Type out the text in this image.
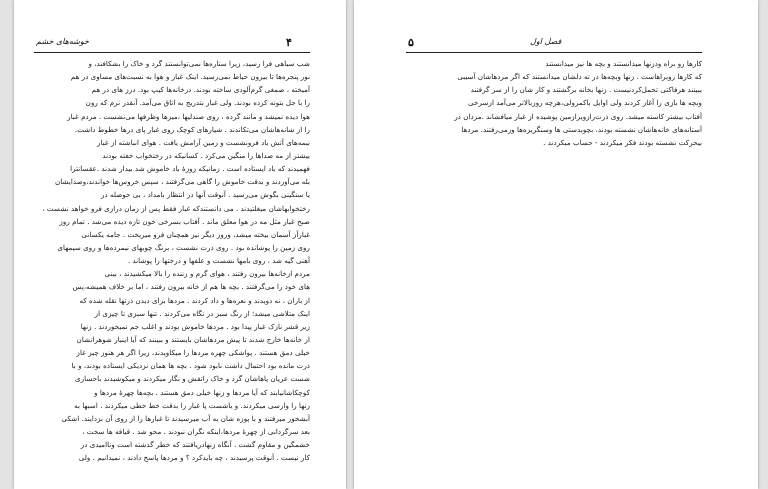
خوشه‌های خشم	۴
شب سیاهی فرا رسید، زیرا ستاره‌ها نمی‌توانستند گرد و خاک را بشکافند، و
نور پنجره‌ها تا بیرون حیاط نمی‌رسید. اینک غبار و هوا به نسبت‌های مساوی در هم
آمیخته ، صمغی گرم‌آلودی ساخته بودند. درخانه‌ها کیپ بود. درز های در هم
را با جل بتونه کرده بودند. ولی غبار بتدریج به اتاق می‌آمد. آنقدر نرم که رون
هوا دیده نمیشد و مانند گرده ، روی صندلیها ،میزها وظرفها می‌نشست . مردم غبار
را از شانه‌هاشان می‌تکاندند . شیارهای کوچک روی غبار پای درها خطوط داشت.
نیمه‌های آتش باد فرونشست و زمین آرامش یافت . هوای انباشته از غبار
بیشتر از مه صداها را منگین می‌کرد . کسانیکه در رختخواب خفته بودند
فهمیدند که باد ایستاده است . زمانیکه زوزهٔ باد خاموش شد بیدار شدند .عقسانترا
بله می‌آوردند و بدقت خاموش را گاهی می‌گرفتند ، سپس خروس‌ها خواندند،وصدایشان
یا سنگینی بگوش می‌رسید . آنوقت آنها در انتظار بامداد ، بی حوصله در
رختخوابهاشان میغلتیدند . می دانستندکه غبار فقط پس از زمان درازی فرو خواهد نشست ،
صبح غبار مثل مه در هوا معلق ماند . آفتاب بسرخی خون تازه دیده می‌شد . تمام روز
غبارآز آسمان بیخته میشد، وروز دیگر نیز همچنان فرو میریخت . جامه یکسانی
روی زمین را پوشانده بود . روی ذرت نشست ، برنگ چوبهای نیمرده‌ها و روی سیمهای
آهنی گیه شد ، روی بامها نشست و علفها و درختها را پوشاند .
مردم ازخانه‌ها بیرون رفتند ، هوا‌ی گرم و زننده را بالا میکشیدند ، بینی‌
های خود را می‌گرفتند . بچه ها هم از خانه بیرون رفتند ، اما بر خلاف همیشه،پس
از باران ، نه دویدند و نعره‌ها و داد کردند . مردها برای دیدن ذرتها نقله شده که
اینک متلاشی میشد؛ از رنگ سبز در نگاه می‌کردند . تنها سبزی تا چیزی از
زیر قشر نازک غبار پیدا بود . مردها خاموش بودند و اغلب جم نمیخوردند . زنها
از خانه‌ها خارج شدند تا پیش مردهاشان بایستند و ببینند که آیا اینبار شوهرانشان
خیلی دمق هستند . پواشکی چهره مردها را میکاویدند، زیرا اگر هر هنوز چیز غاز
ذرت مانده بود احتمال داشت نابود شود . بچه ها همان نزدیکی ایستاده بودند، و با
شست عریان پاهاشان گرد و خاک راتقش و نگار میکردند و میکوشیدند باحساری
کوچکاشانیابند که آیا مردها و زنها خیلی دمق هستند . بچه‌ها چهرهٔ مردها و
زنها را وارسی میکردند. و باشست پا غبار را بدقت خط خطی میکردند . اسبها به
آبشخور میرفتند و با پوزه شان به آب میرسیدند تا غبارها را از روی آن بزدایند. اشکی
بعد سرگردانی از چهرهٔ مردها،اینکه نگران نبودند . محو شد . قیافه ها سخت ،
خشمگین و مقاوم گشت . آنگاه زنهادریافتند که خطر گذشته است وناامیدی در
کار نیست . آنوقت پرسیدند ، چه بایدکرد ؟ و مردها پاسخ دادند ، نمیدانیم . ولی
۵	فصل اول
کارها رو براه ودزنها میدانستند و بچه ها نیز میدانستند
که کارها روبراهاست . زنها وبچه‌ها در ته دلشان میدانستند که اگر مردهاشان آسیبی
ببینند هرفاکتی تحمل‌کردنیست . زنها بخانه برگشتند و کار شان را از سر گرفتند
وبچه ها بازی را آغاز کردند ولی اوایل باکمرولی،هرچه روزبالاتر می‌آمد ازسرخی
آفتاب بیشتر کاسته میشد. روی ذرت‌رازویرازمین پوشیده از غبار میافشاند .مردان در
آستانه‌های خانه‌هاشان نشسته بودند، بچوبدستی ها وسنگریزه‌ها ورمی‌رفتند. مردها
بیحرکت نشسته بودند فکر میکردند - حساب میکردند .
